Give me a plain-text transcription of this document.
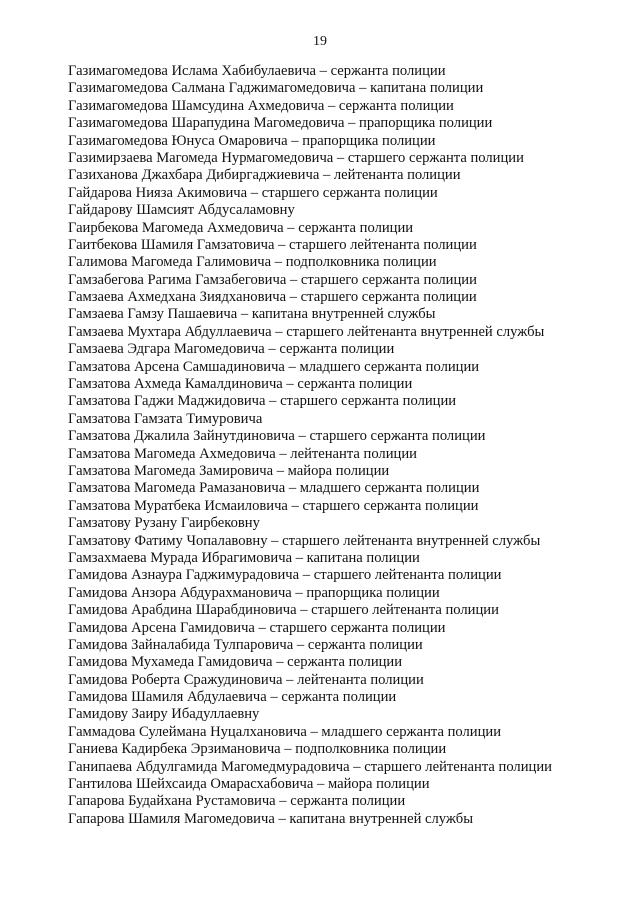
19
Газимагомедова Ислама Хабибулаевича – сержанта полиции
Газимагомедова Салмана Гаджимагомедовича – капитана полиции
Газимагомедова Шамсудина Ахмедовича – сержанта полиции
Газимагомедова Шарапудина Магомедовича – прапорщика полиции
Газимагомедова Юнуса Омаровича – прапорщика полиции
Газимирзаева Магомеда Нурмагомедовича – старшего сержанта полиции
Газиханова Джахбара Дибиргаджиевича – лейтенанта полиции
Гайдарова Нияза Акимовича – старшего сержанта полиции
Гайдарову Шамсият Абдусаламовну
Гаирбекова Магомеда Ахмедовича – сержанта полиции
Гаитбекова Шамиля Гамзатовича – старшего лейтенанта полиции
Галимова Магомеда Галимовича – подполковника полиции
Гамзабегова Рагима Гамзабеговича – старшего сержанта полиции
Гамзаева Ахмедхана Зиядхановича – старшего сержанта полиции
Гамзаева Гамзу Пашаевича – капитана внутренней службы
Гамзаева Мухтара Абдуллаевича – старшего лейтенанта внутренней службы
Гамзаева Эдгара Магомедовича – сержанта полиции
Гамзатова Арсена Самшадиновича – младшего сержанта полиции
Гамзатова Ахмеда Камалдиновича – сержанта полиции
Гамзатова Гаджи Маджидовича – старшего сержанта полиции
Гамзатова Гамзата Тимуровича
Гамзатова Джалила Зайнутдиновича – старшего сержанта полиции
Гамзатова Магомеда Ахмедовича – лейтенанта полиции
Гамзатова Магомеда Замировича – майора полиции
Гамзатова Магомеда Рамазановича – младшего сержанта полиции
Гамзатова Муратбека Исмаиловича – старшего сержанта полиции
Гамзатову Рузану Гаирбековну
Гамзатову Фатиму Чопалавовну – старшего лейтенанта внутренней службы
Гамзахмаева Мурада Ибрагимовича – капитана полиции
Гамидова Азнаура Гаджимурадовича – старшего лейтенанта полиции
Гамидова Анзора Абдурахмановича – прапорщика полиции
Гамидова Арабдина Шарабдиновича – старшего лейтенанта полиции
Гамидова Арсена Гамидовича – старшего сержанта полиции
Гамидова Зайналабида Тулпаровича – сержанта полиции
Гамидова Мухамеда Гамидовича – сержанта полиции
Гамидова Роберта Сражудиновича – лейтенанта полиции
Гамидова Шамиля Абдулаевича – сержанта полиции
Гамидову Заиру Ибадуллаевну
Гаммадова Сулеймана Нуцалхановича – младшего сержанта полиции
Ганиева Кадирбека Эрзимановича – подполковника полиции
Ганипаева Абдулгамида Магомедмурадовича – старшего лейтенанта полиции
Гантилова Шейхсаида Омарасхабовича – майора полиции
Гапарова Будайхана Рустамовича – сержанта полиции
Гапарова Шамиля Магомедовича – капитана внутренней службы
